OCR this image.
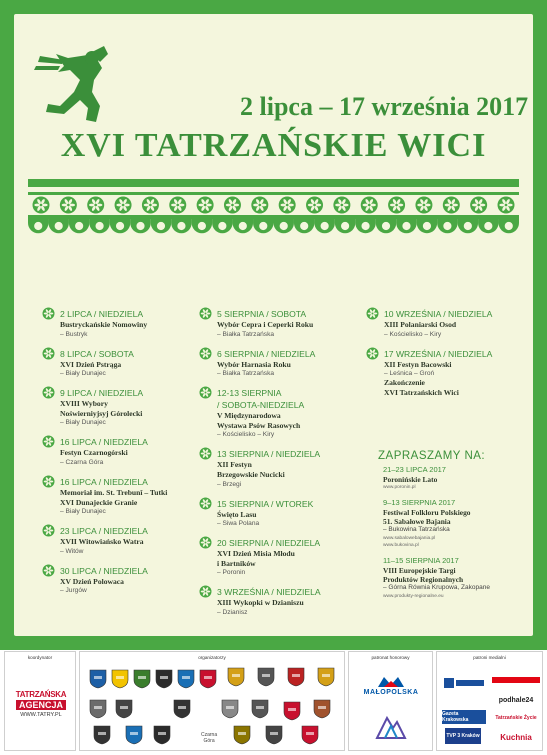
2 lipca – 17 września 2017
XVI TATRZAŃSKIE WICI
2 LIPCA / NIEDZIELA
Bustryckańskie Nomowiny
– Bustryk
8 LIPCA / SOBOTA
XVI Dzień Pstrąga
– Biały Dunajec
9 LIPCA / NIEDZIELA
XVIII Wybory
Noświerniyjsyj Górolecki
– Biały Dunajec
16 LIPCA / NIEDZIELA
Festyn Czarnogórski
– Czarna Góra
16 LIPCA / NIEDZIELA
Memoriał im. St. Trebunî – Tutki
XVI Dunajeckie Granie
– Biały Dunajec
23 LIPCA / NIEDZIELA
XVII Witowiańsko Watra
– Witów
30 LIPCA / NIEDZIELA
XV Dzień Polowaca
– Jurgów
5 SIERPNIA / SOBOTA
Wybór Cepra i Ceperki Roku
– Białka Tatrzańska
6 SIERPNIA / NIEDZIELA
Wybór Harnasia Roku
– Białka Tatrzańska
12-13 SIERPNIA
/ SOBOTA-NIEDZIELA
V Międzynarodowa
Wystawa Psów Rasowych
– Kościelisko – Kiry
13 SIERPNIA / NIEDZIELA
XII Festyn
Brzegowskie Nucicki
– Brzegi
15 SIERPNIA / WTOREK
Święto Lasu
– Siwa Polana
20 SIERPNIA / NIEDZIELA
XVI Dzień Misia Młodu
i Bartników
– Poronin
3 WRZEŚNIA / NIEDZIELA
XIII Wykopki w Dzianiszu
– Dzianisz
10 WRZEŚNIA / NIEDZIELA
XIII Polaniarski Osod
– Kościelisko – Kiry
17 WRZEŚNIA / NIEDZIELA
XII Festyn Bacowski
– Leśnica – Groń
Zakończenie
XVI Tatrzańskich Wici
ZAPRASZAMY NA:
21–23 LIPCA 2017
Poronińskie Lato
www.poronin.pl
9–13 SIERPNIA 2017
Festiwal Folkloru Polskiego
51. Sabałowe Bajania
– Bukowina Tatrzańska
www.sabalowebajania.pl
www.bukovina.pl
11–15 SIERPNIA 2017
VIII Europejskie Targi
Produktów Regionalnych
– Górna Równia Krupowa, Zakopane
www.produkty-regionalne.eu
koordynator
TATRZAŃSKA
AGENCJA
WWW.TATRY.PL
organizatorzy
Czarna
Góra
patronat honorowy
MAŁOPOLSKA
patroni medialni
Gazeta Krakowska
podhale24
TVP 3 Kraków
Tatrzańskie Życie
Kuchnia
